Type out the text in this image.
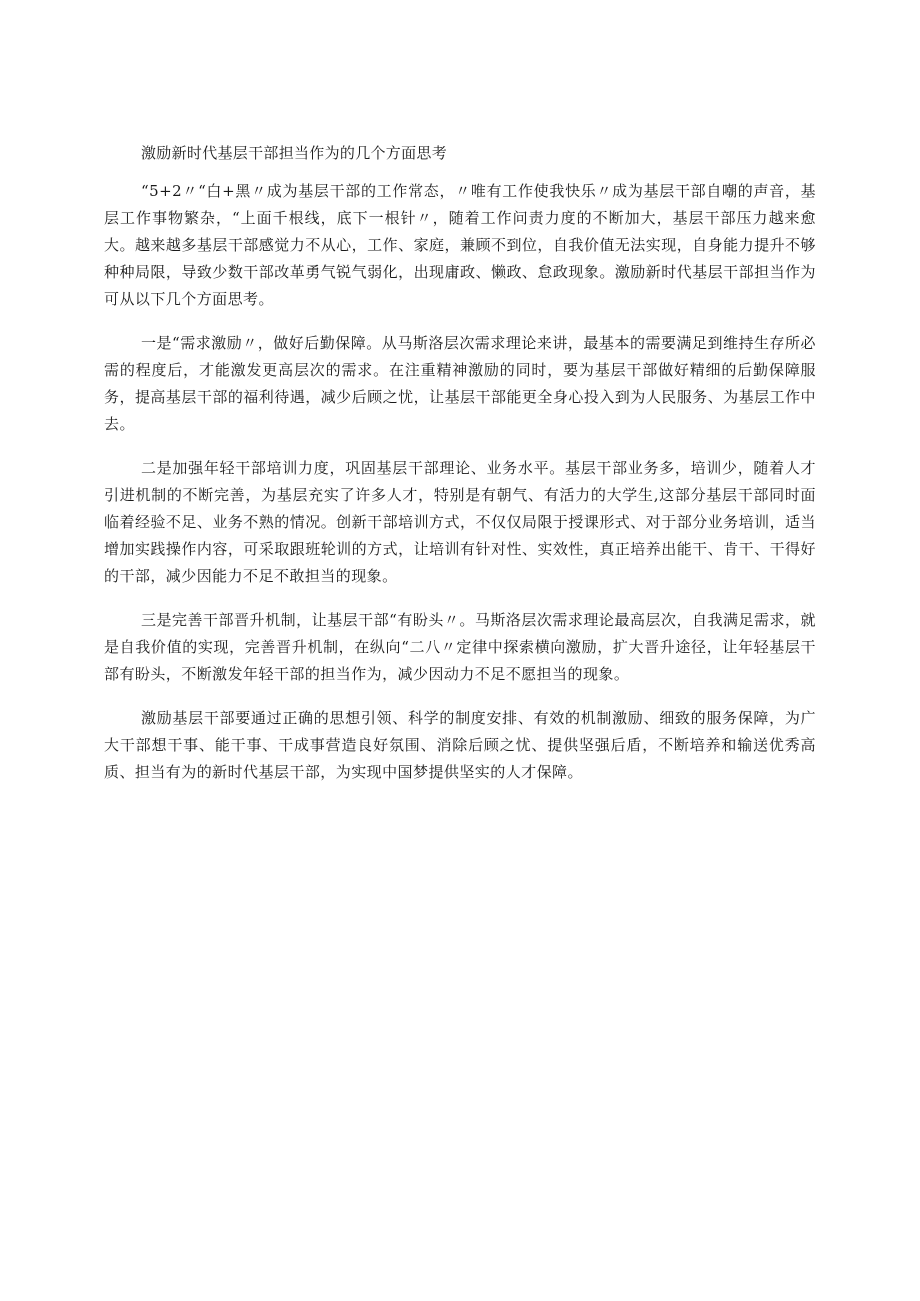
激励新时代基层干部担当作为的几个方面思考

“5+2〃“白+黑〃成为基层干部的工作常态，〃唯有工作使我快乐〃成为基层干部自嘲的声音，基层工作事物繁杂，“上面千根线，底下一根针〃，随着工作问责力度的不断加大，基层干部压力越来愈大。越来越多基层干部感觉力不从心，工作、家庭，兼顾不到位，自我价值无法实现，自身能力提升不够种种局限，导致少数干部改革勇气锐气弱化，出现庸政、懒政、怠政现象。激励新时代基层干部担当作为可从以下几个方面思考。

一是“需求激励〃，做好后勤保障。从马斯洛层次需求理论来讲，最基本的需要满足到维持生存所必需的程度后，才能激发更高层次的需求。在注重精神激励的同时，要为基层干部做好精细的后勤保障服务，提高基层干部的福利待遇，减少后顾之忧，让基层干部能更全身心投入到为人民服务、为基层工作中去。

二是加强年轻干部培训力度，巩固基层干部理论、业务水平。基层干部业务多，培训少，随着人才引进机制的不断完善，为基层充实了许多人才，特别是有朝气、有活力的大学生,这部分基层干部同时面临着经验不足、业务不熟的情况。创新干部培训方式，不仅仅局限于授课形式、对于部分业务培训，适当增加实践操作内容，可采取跟班轮训的方式，让培训有针对性、实效性，真正培养出能干、肯干、干得好的干部，减少因能力不足不敢担当的现象。

三是完善干部晋升机制，让基层干部“有盼头〃。马斯洛层次需求理论最高层次，自我满足需求，就是自我价值的实现，完善晋升机制，在纵向“二八〃定律中探索横向激励，扩大晋升途径，让年轻基层干部有盼头，不断激发年轻干部的担当作为，减少因动力不足不愿担当的现象。

激励基层干部要通过正确的思想引领、科学的制度安排、有效的机制激励、细致的服务保障，为广大干部想干事、能干事、干成事营造良好氛围、消除后顾之忧、提供坚强后盾，不断培养和输送优秀高质、担当有为的新时代基层干部，为实现中国梦提供坚实的人才保障。
